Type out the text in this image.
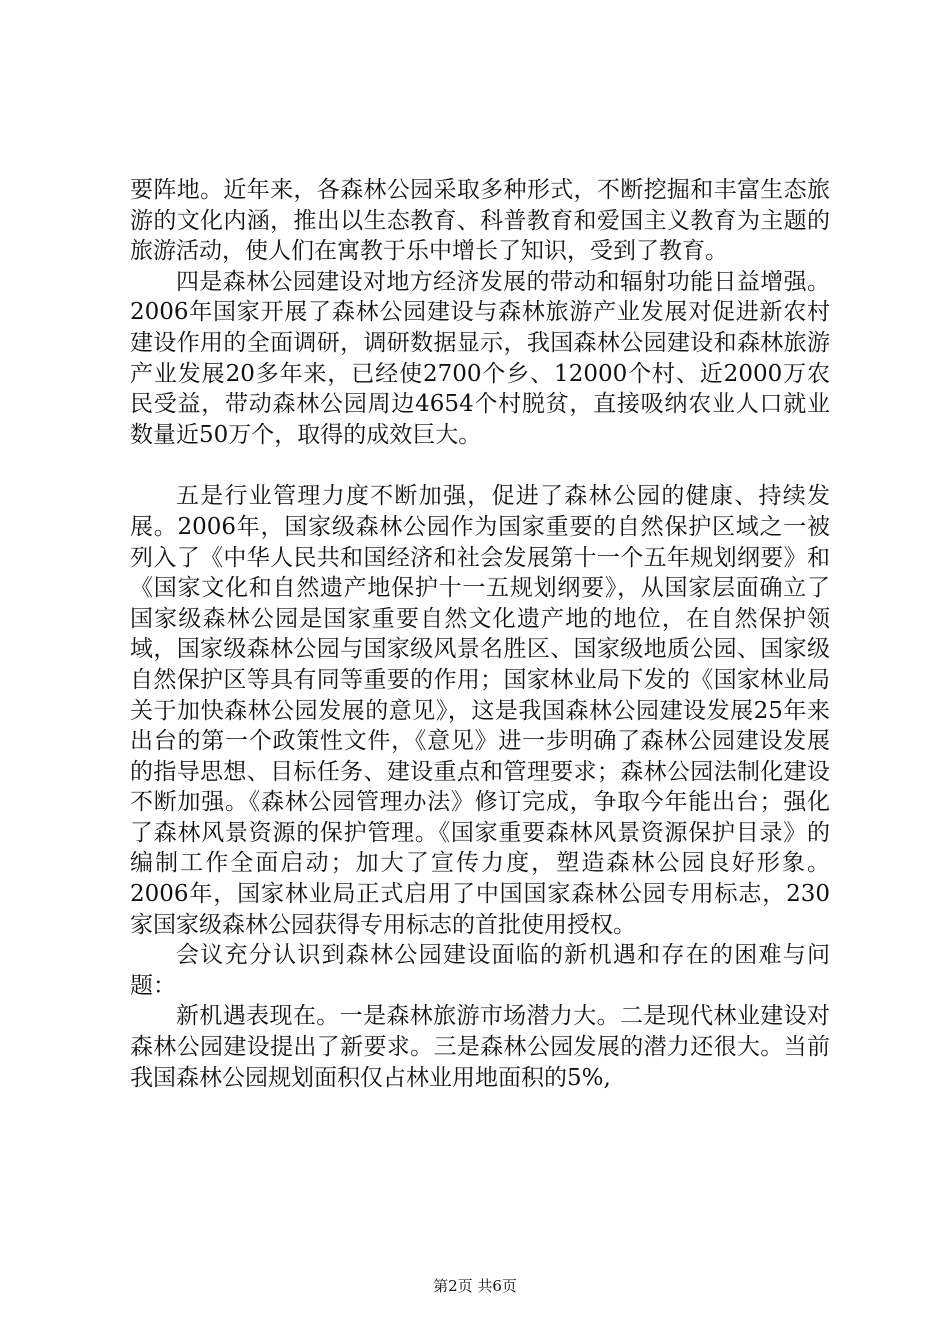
要阵地。近年来，各森林公园采取多种形式，不断挖掘和丰富生态旅游的文化内涵，推出以生态教育、科普教育和爱国主义教育为主题的旅游活动，使人们在寓教于乐中增长了知识，受到了教育。

四是森林公园建设对地方经济发展的带动和辐射功能日益增强。2006年国家开展了森林公园建设与森林旅游产业发展对促进新农村建设作用的全面调研，调研数据显示，我国森林公园建设和森林旅游产业发展20多年来，已经使2700个乡、12000个村、近2000万农民受益，带动森林公园周边4654个村脱贫，直接吸纳农业人口就业数量近50万个，取得的成效巨大。

五是行业管理力度不断加强，促进了森林公园的健康、持续发展。2006年，国家级森林公园作为国家重要的自然保护区域之一被列入了《中华人民共和国经济和社会发展第十一个五年规划纲要》和《国家文化和自然遗产地保护十一五规划纲要》，从国家层面确立了国家级森林公园是国家重要自然文化遗产地的地位，在自然保护领域，国家级森林公园与国家级风景名胜区、国家级地质公园、国家级自然保护区等具有同等重要的作用；国家林业局下发的《国家林业局关于加快森林公园发展的意见》，这是我国森林公园建设发展25年来出台的第一个政策性文件，《意见》进一步明确了森林公园建设发展的指导思想、目标任务、建设重点和管理要求；森林公园法制化建设不断加强。《森林公园管理办法》修订完成，争取今年能出台；强化了森林风景资源的保护管理。《国家重要森林风景资源保护目录》的编制工作全面启动；加大了宣传力度，塑造森林公园良好形象。2006年，国家林业局正式启用了中国国家森林公园专用标志，230家国家级森林公园获得专用标志的首批使用授权。

会议充分认识到森林公园建设面临的新机遇和存在的困难与问题：

新机遇表现在。一是森林旅游市场潜力大。二是现代林业建设对森林公园建设提出了新要求。三是森林公园发展的潜力还很大。当前我国森林公园规划面积仅占林业用地面积的5%,

第2页 共6页
